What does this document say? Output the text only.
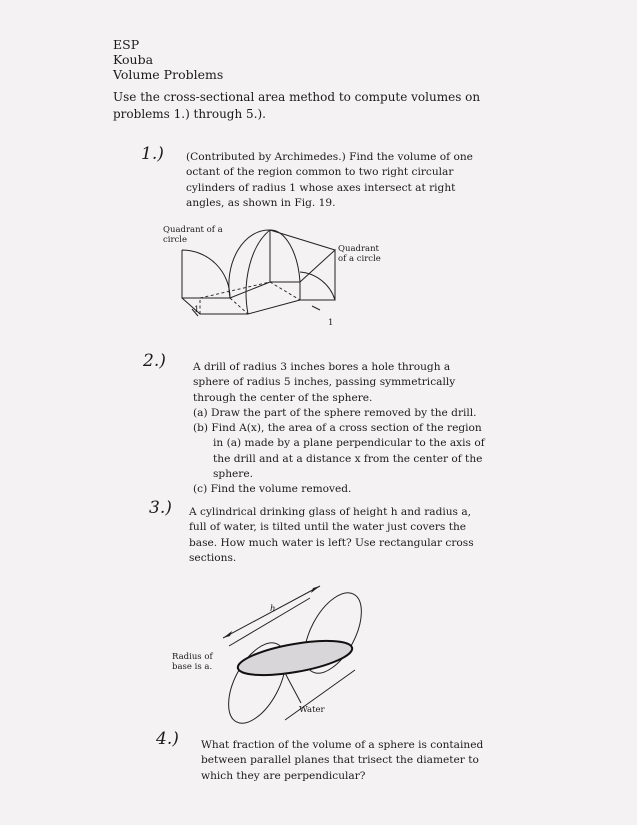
ESP
Kouba
Volume Problems
Use the cross-sectional area method to compute volumes on problems 1.) through 5.).
1.) (Contributed by Archimedes.) Find the volume of one octant of the region common to two right circular cylinders of radius 1 whose axes intersect at right angles, as shown in Fig. 19.
Quadrant of a circle
Quadrant of a circle
1
1
2.)	A drill of radius 3 inches bores a hole through a sphere of radius 5 inches, passing symmetrically through the center of the sphere.
(a) Draw the part of the sphere removed by the drill.
(b) Find A(x), the area of a cross section of the region in (a) made by a plane perpendicular to the axis of the drill and at a distance x from the center of the sphere.
(c) Find the volume removed.
3.) A cylindrical drinking glass of height h and radius a, full of water, is tilted until the water just covers the base. How much water is left? Use rectangular cross sections.
h
Radius of base is a.
Water
4.) What fraction of the volume of a sphere is contained between parallel planes that trisect the diameter to which they are perpendicular?
